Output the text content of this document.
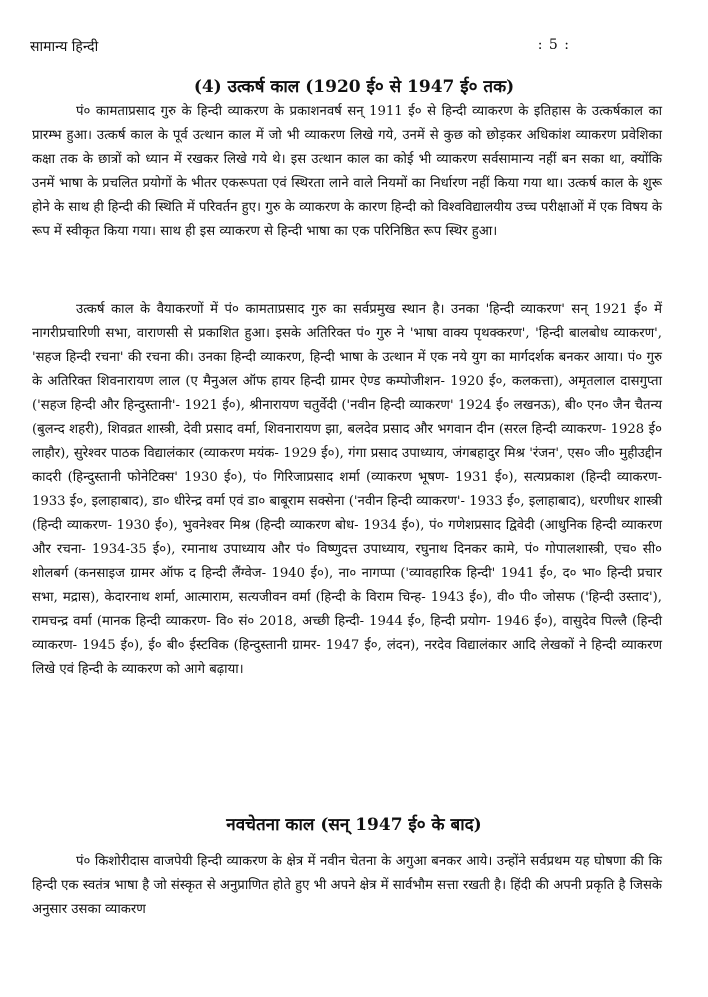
सामान्य हिन्दी	: 5 :
(4) उत्कर्ष काल (1920 ई० से 1947 ई० तक)

पं० कामताप्रसाद गुरु के हिन्दी व्याकरण के प्रकाशनवर्ष सन् 1911 ई० से हिन्दी व्याकरण के इतिहास के उत्कर्षकाल का प्रारम्भ हुआ। उत्कर्ष काल के पूर्व उत्थान काल में जो भी व्याकरण लिखे गये, उनमें से कुछ को छोड़कर अधिकांश व्याकरण प्रवेशिका कक्षा तक के छात्रों को ध्यान में रखकर लिखे गये थे। इस उत्थान काल का कोई भी व्याकरण सर्वसामान्य नहीं बन सका था, क्योंकि उनमें भाषा के प्रचलित प्रयोगों के भीतर एकरूपता एवं स्थिरता लाने वाले नियमों का निर्धारण नहीं किया गया था। उत्कर्ष काल के शुरू होने के साथ ही हिन्दी की स्थिति में परिवर्तन हुए। गुरु के व्याकरण के कारण हिन्दी को विश्वविद्यालयीय उच्च परीक्षाओं में एक विषय के रूप में स्वीकृत किया गया। साथ ही इस व्याकरण से हिन्दी भाषा का एक परिनिष्ठित रूप स्थिर हुआ।

उत्कर्ष काल के वैयाकरणों में पं० कामताप्रसाद गुरु का सर्वप्रमुख स्थान है। उनका 'हिन्दी व्याकरण' सन् 1921 ई० में नागरीप्रचारिणी सभा, वाराणसी से प्रकाशित हुआ। इसके अतिरिक्त पं० गुरु ने 'भाषा वाक्य पृथक्करण', 'हिन्दी बालबोध व्याकरण', 'सहज हिन्दी रचना' की रचना की। उनका हिन्दी व्याकरण, हिन्दी भाषा के उत्थान में एक नये युग का मार्गदर्शक बनकर आया। पं० गुरु के अतिरिक्त शिवनारायण लाल (ए मैनुअल ऑफ हायर हिन्दी ग्रामर ऐण्ड कम्पोजीशन- 1920 ई०, कलकत्ता), अमृतलाल दासगुप्ता ('सहज हिन्दी और हिन्दुस्तानी'- 1921 ई०), श्रीनारायण चतुर्वेदी ('नवीन हिन्दी व्याकरण' 1924 ई० लखनऊ), बी० एन० जैन चैतन्य (बुलन्द शहरी), शिवव्रत शास्त्री, देवी प्रसाद वर्मा, शिवनारायण झा, बलदेव प्रसाद और भगवान दीन (सरल हिन्दी व्याकरण- 1928 ई० लाहौर), सुरेश्वर पाठक विद्यालंकार (व्याकरण मयंक- 1929 ई०), गंगा प्रसाद उपाध्याय, जंगबहादुर मिश्र 'रंजन', एस० जी० मुहीउद्दीन कादरी (हिन्दुस्तानी फोनेटिक्स' 1930 ई०), पं० गिरिजाप्रसाद शर्मा (व्याकरण भूषण- 1931 ई०), सत्यप्रकाश (हिन्दी व्याकरण- 1933 ई०, इलाहाबाद), डा० धीरेन्द्र वर्मा एवं डा० बाबूराम सक्सेना ('नवीन हिन्दी व्याकरण'- 1933 ई०, इलाहाबाद), धरणीधर शास्त्री (हिन्दी व्याकरण- 1930 ई०), भुवनेश्वर मिश्र (हिन्दी व्याकरण बोध- 1934 ई०), पं० गणेशप्रसाद द्विवेदी (आधुनिक हिन्दी व्याकरण और रचना- 1934-35 ई०), रमानाथ उपाध्याय और पं० विष्णुदत्त उपाध्याय, रघुनाथ दिनकर कामे, पं० गोपालशास्त्री, एच० सी० शोलबर्ग (कनसाइज ग्रामर ऑफ द हिन्दी लैंग्वेज- 1940 ई०), ना० नागप्पा ('व्यावहारिक हिन्दी' 1941 ई०, द० भा० हिन्दी प्रचार सभा, मद्रास), केदारनाथ शर्मा, आत्माराम, सत्यजीवन वर्मा (हिन्दी के विराम चिन्ह- 1943 ई०), वी० पी० जोसफ ('हिन्दी उस्ताद'), रामचन्द्र वर्मा (मानक हिन्दी व्याकरण- वि० सं० 2018, अच्छी हिन्दी- 1944 ई०, हिन्दी प्रयोग- 1946 ई०), वासुदेव पिल्लै (हिन्दी व्याकरण- 1945 ई०), ई० बी० ईस्टविक (हिन्दुस्तानी ग्रामर- 1947 ई०, लंदन), नरदेव विद्यालंकार आदि लेखकों ने हिन्दी व्याकरण लिखे एवं हिन्दी के व्याकरण को आगे बढ़ाया।

नवचेतना काल (सन् 1947 ई० के बाद)

पं० किशोरीदास वाजपेयी हिन्दी व्याकरण के क्षेत्र में नवीन चेतना के अगुआ बनकर आये। उन्होंने सर्वप्रथम यह घोषणा की कि हिन्दी एक स्वतंत्र भाषा है जो संस्कृत से अनुप्राणित होते हुए भी अपने क्षेत्र में सार्वभौम सत्ता रखती है। हिंदी की अपनी प्रकृति है जिसके अनुसार उसका व्याकरण
